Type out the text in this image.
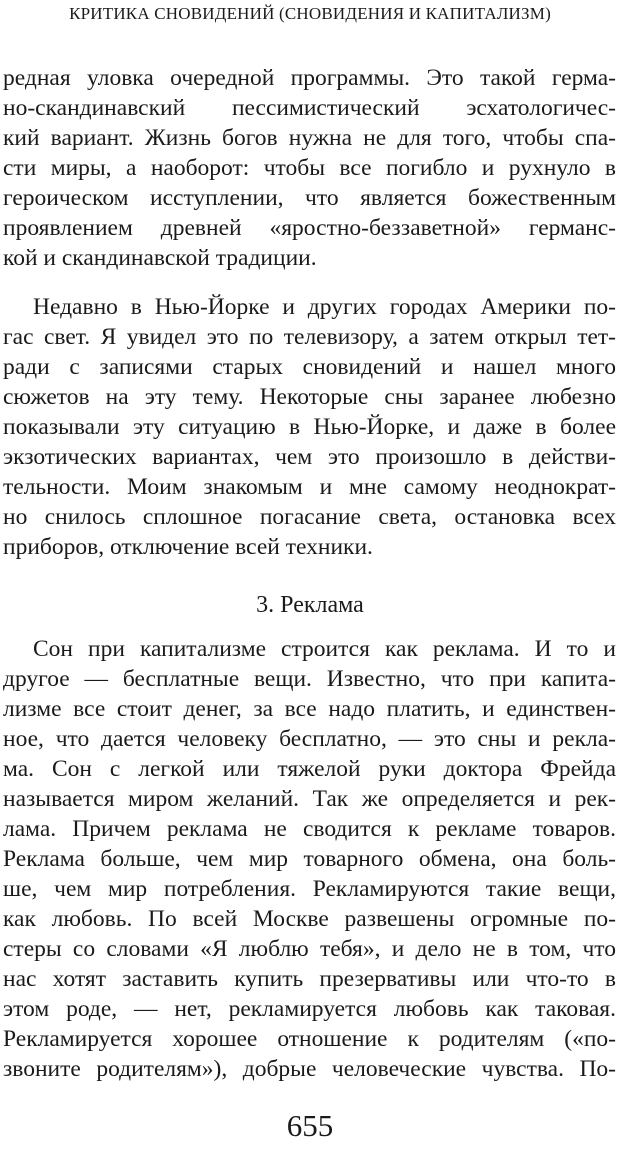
КРИТИКА СНОВИДЕНИЙ (СНОВИДЕНИЯ И КАПИТАЛИЗМ)
редная уловка очередной программы. Это такой герма-
но-скандинавский пессимистический эсхатологичес-
кий вариант. Жизнь богов нужна не для того, чтобы спа-
сти миры, а наоборот: чтобы все погибло и рухнуло в
героическом исступлении, что является божественным
проявлением древней «яростно-беззаветной» германс-
кой и скандинавской традиции.
Недавно в Нью-Йорке и других городах Америки по-
гас свет. Я увидел это по телевизору, а затем открыл тет-
ради с записями старых сновидений и нашел много
сюжетов на эту тему. Некоторые сны заранее любезно
показывали эту ситуацию в Нью-Йорке, и даже в более
экзотических вариантах, чем это произошло в действи-
тельности. Моим знакомым и мне самому неоднократ-
но снилось сплошное погасание света, остановка всех
приборов, отключение всей техники.
3. Реклама
Сон при капитализме строится как реклама. И то и
другое — бесплатные вещи. Известно, что при капита-
лизме все стоит денег, за все надо платить, и единствен-
ное, что дается человеку бесплатно, — это сны и рекла-
ма. Сон с легкой или тяжелой руки доктора Фрейда
называется миром желаний. Так же определяется и рек-
лама. Причем реклама не сводится к рекламе товаров.
Реклама больше, чем мир товарного обмена, она боль-
ше, чем мир потребления. Рекламируются такие вещи,
как любовь. По всей Москве развешены огромные по-
стеры со словами «Я люблю тебя», и дело не в том, что
нас хотят заставить купить презервативы или что-то в
этом роде, — нет, рекламируется любовь как таковая.
Рекламируется хорошее отношение к родителям («по-
звоните родителям»), добрые человеческие чувства. По-
655
